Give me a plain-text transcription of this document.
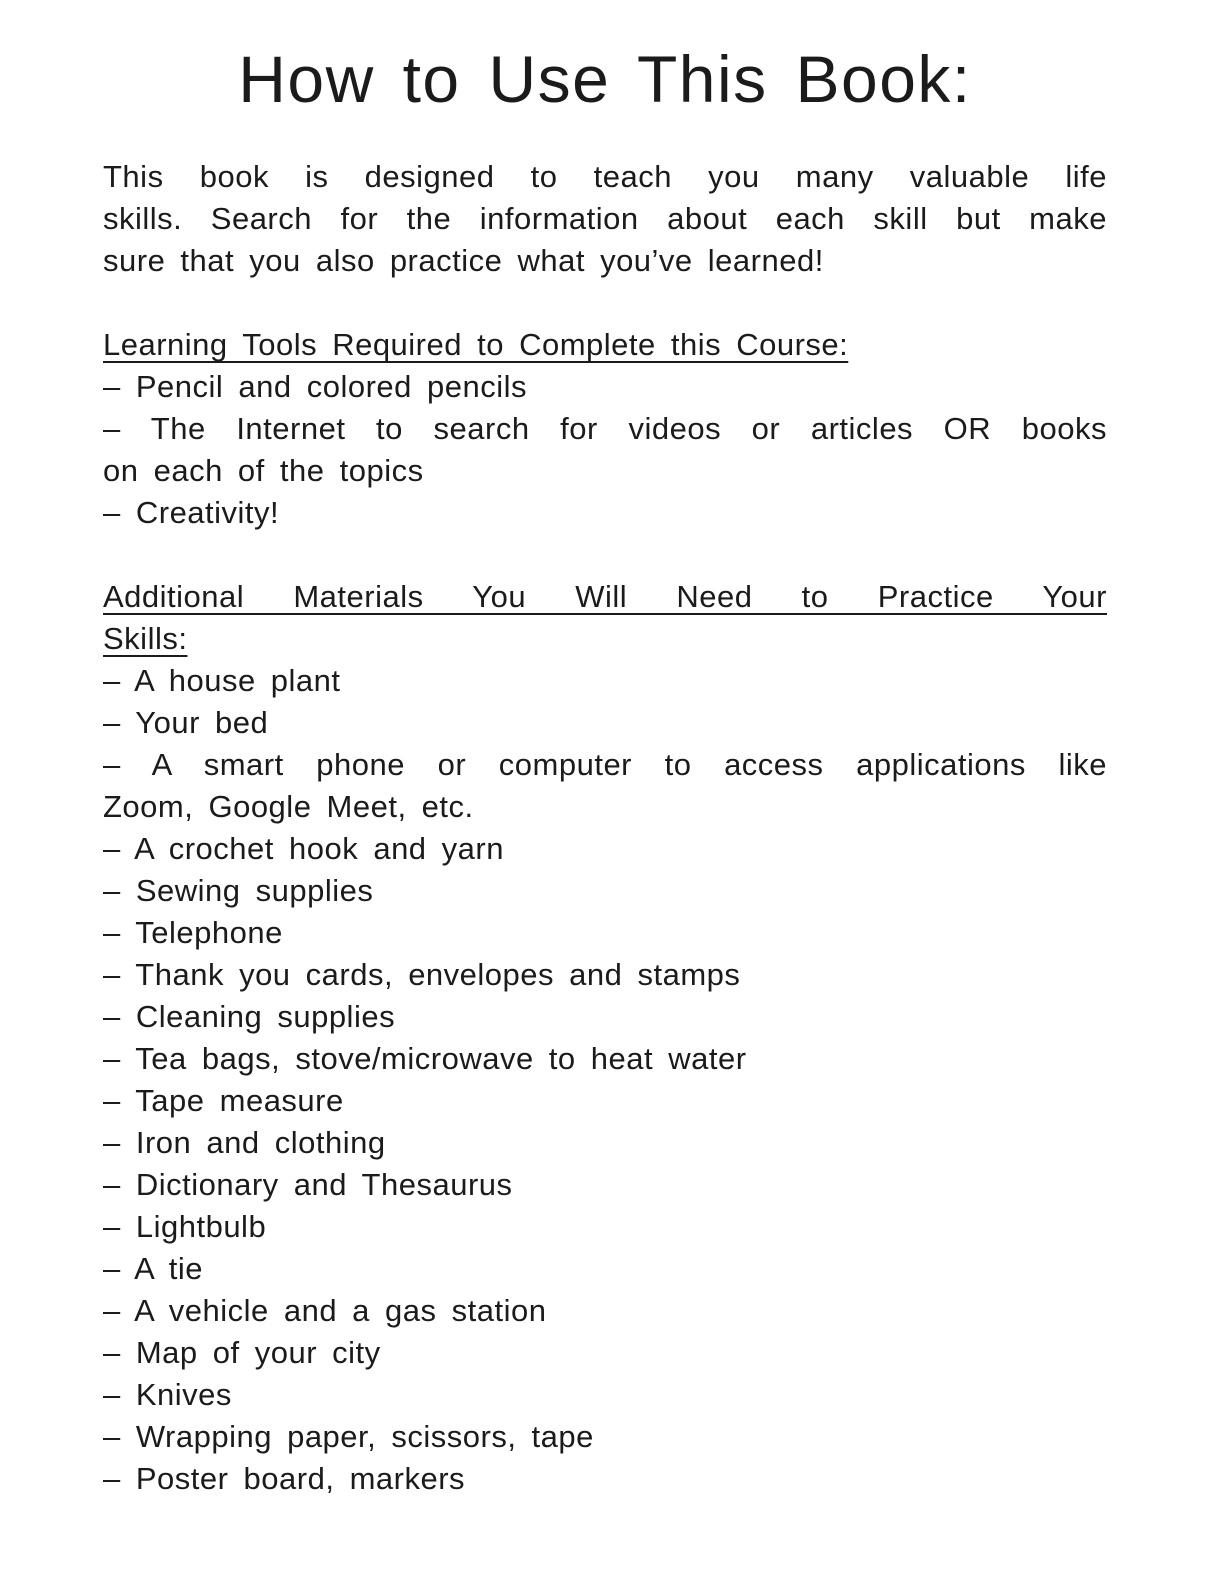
How to Use This Book:
This book is designed to teach you many valuable life
skills. Search for the information about each skill but make
sure that you also practice what you’ve learned!
Learning Tools Required to Complete this Course:
– Pencil and colored pencils
– The Internet to search for videos or articles OR books
on each of the topics
– Creativity!
Additional Materials You Will Need to Practice Your
Skills:
– A house plant
– Your bed
– A smart phone or computer to access applications like
Zoom, Google Meet, etc.
– A crochet hook and yarn
– Sewing supplies
– Telephone
– Thank you cards, envelopes and stamps
– Cleaning supplies
– Tea bags, stove/microwave to heat water
– Tape measure
– Iron and clothing
– Dictionary and Thesaurus
– Lightbulb
– A tie
– A vehicle and a gas station
– Map of your city
– Knives
– Wrapping paper, scissors, tape
– Poster board, markers
